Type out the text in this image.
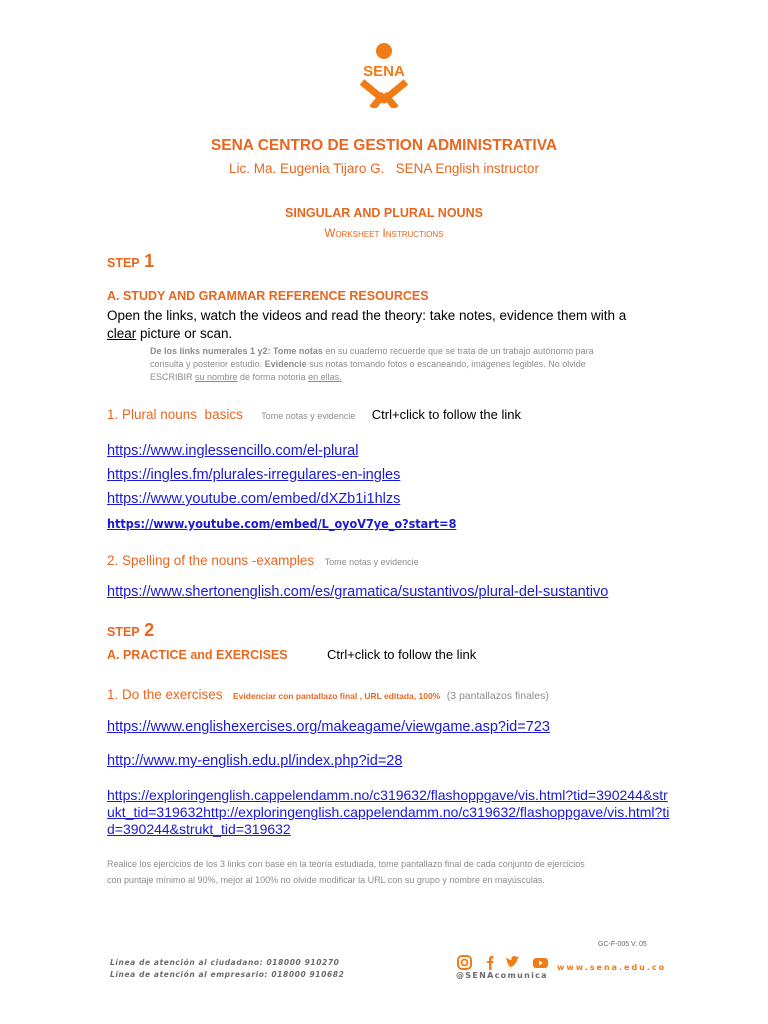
SENA
SENA CENTRO DE GESTION ADMINISTRATIVA
Lic. Ma. Eugenia Tijaro G.   SENA English instructor
SINGULAR AND PLURAL NOUNS
Worksheet Instructions
STEP 1
A. STUDY AND GRAMMAR REFERENCE RESOURCES
Open the links, watch the videos and read the theory: take notes, evidence them with a
clear picture or scan.
De los links numerales 1 y2: Tome notas en su cuaderno recuerde que se trata de un trabajo autónomo para
consulta y posterior estudio. Evidencie sus notas tomando fotos o escaneando, imágenes legibles. No olvide
ESCRIBIR su nombre de forma notoria en ellas.
1. Plural nouns  basics Tome notas y evidencie Ctrl+click to follow the link
https://www.inglessencillo.com/el-plural
https://ingles.fm/plurales-irregulares-en-ingles
https://www.youtube.com/embed/dXZb1i1hlzs
https://www.youtube.com/embed/L_oyoV7ye_o?start=8
2. Spelling of the nouns -examples Tome notas y evidencie
https://www.shertonenglish.com/es/gramatica/sustantivos/plural-del-sustantivo
STEP 2
A. PRACTICE and EXERCISES	Ctrl+click to follow the link
1. Do the exercises Evidenciar con pantallazo final , URL editada, 100% (3 pantallazos finales)
https://www.englishexercises.org/makeagame/viewgame.asp?id=723
http://www.my-english.edu.pl/index.php?id=28
https://exploringenglish.cappelendamm.no/c319632/flashoppgave/vis.html?tid=390244&str
ukt_tid=319632http://exploringenglish.cappelendamm.no/c319632/flashoppgave/vis.html?ti
d=390244&strukt_tid=319632
Realice los ejercicios de los 3 links con base en la teoría estudiada, tome pantallazo final de cada conjunto de ejercicios
con puntaje mínimo al 90%, mejor al 100% no olvide modificar la URL con su grupo y nombre en mayúsculas.
GC-F-005 V. 05
Línea de atención al ciudadano: 018000 910270
Línea de atención al empresario: 018000 910682	@SENAcomunica
www.sena.edu.co
